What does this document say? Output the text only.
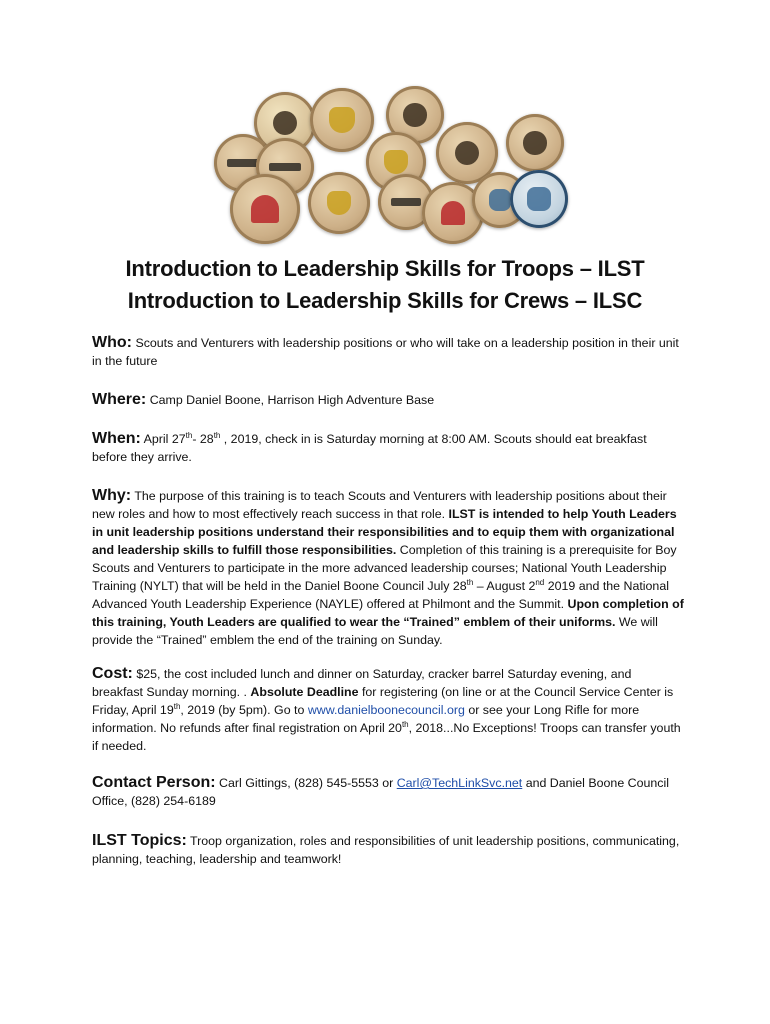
Introduction to Leadership Skills for Troops – ILST
Introduction to Leadership Skills for Crews – ILSC
Who: Scouts and Venturers with leadership positions or who will take on a leadership position in their unit in the future
Where: Camp Daniel Boone, Harrison High Adventure Base
When: April 27th- 28th , 2019, check in is Saturday morning at 8:00 AM. Scouts should eat breakfast before they arrive.
Why: The purpose of this training is to teach Scouts and Venturers with leadership positions about their new roles and how to most effectively reach success in that role. ILST is intended to help Youth Leaders in unit leadership positions understand their responsibilities and to equip them with organizational and leadership skills to fulfill those responsibilities. Completion of this training is a prerequisite for Boy Scouts and Venturers to participate in the more advanced leadership courses; National Youth Leadership Training (NYLT) that will be held in the Daniel Boone Council July 28th – August 2nd 2019 and the National Advanced Youth Leadership Experience (NAYLE) offered at Philmont and the Summit. Upon completion of this training, Youth Leaders are qualified to wear the “Trained” emblem of their uniforms. We will provide the “Trained” emblem the end of the training on Sunday.
Cost: $25, the cost included lunch and dinner on Saturday, cracker barrel Saturday evening, and breakfast Sunday morning. . Absolute Deadline for registering (on line or at the Council Service Center is Friday, April 19th, 2019 (by 5pm). Go to www.danielboonecouncil.org or see your Long Rifle for more information. No refunds after final registration on April 20th, 2018...No Exceptions! Troops can transfer youth if needed.
Contact Person: Carl Gittings, (828) 545-5553 or Carl@TechLinkSvc.net and Daniel Boone Council Office, (828) 254-6189
ILST Topics: Troop organization, roles and responsibilities of unit leadership positions, communicating, planning, teaching, leadership and teamwork!
